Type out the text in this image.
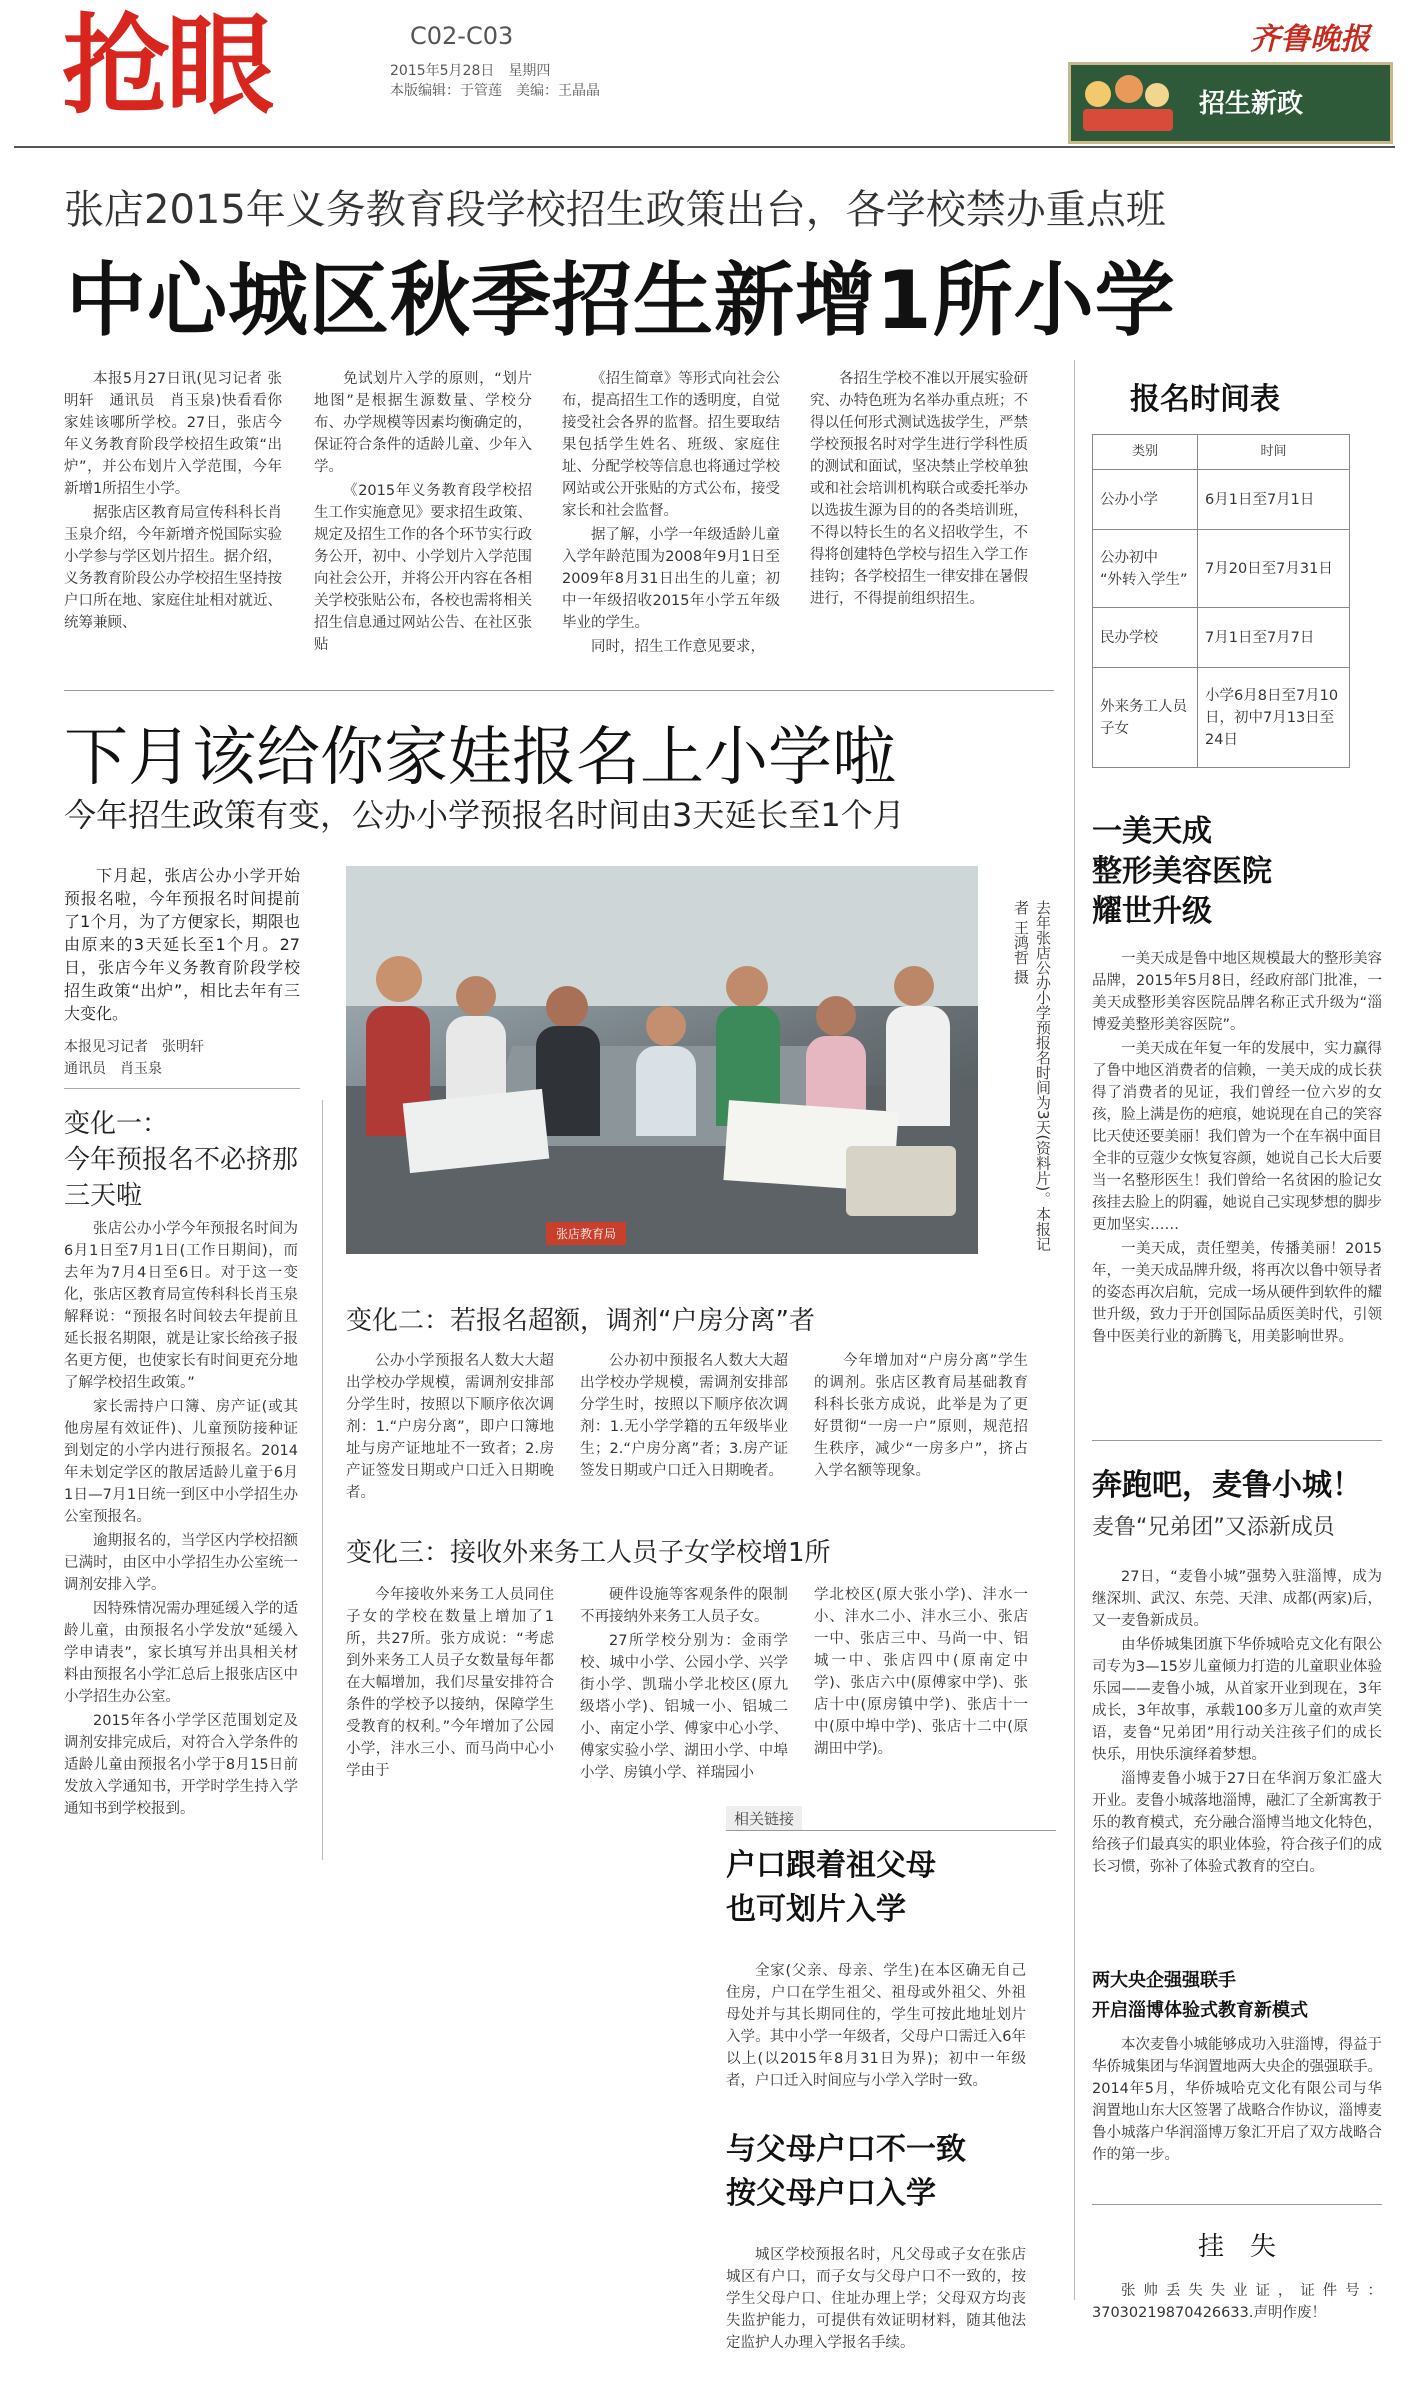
抢眼	C02-C03
2015年5月28日　星期四
本版编辑：于管莲　美编：王晶晶
齐鲁晚报
招生新政
张店2015年义务教育段学校招生政策出台，各学校禁办重点班
中心城区秋季招生新增1所小学

本报5月27日讯(见习记者 张明轩　通讯员　肖玉泉)快看看你家娃该哪所学校。27日，张店今年义务教育阶段学校招生政策“出炉”，并公布划片入学范围，今年新增1所招生小学。

据张店区教育局宣传科科长肖玉泉介绍，今年新增齐悦国际实验小学参与学区划片招生。据介绍，义务教育阶段公办学校招生坚持按户口所在地、家庭住址相对就近、统筹兼顾、

免试划片入学的原则，“划片地图”是根据生源数量、学校分布、办学规模等因素均衡确定的，保证符合条件的适龄儿童、少年入学。

《2015年义务教育段学校招生工作实施意见》要求招生政策、规定及招生工作的各个环节实行政务公开，初中、小学划片入学范围向社会公开，并将公开内容在各相关学校张贴公布，各校也需将相关招生信息通过网站公告、在社区张贴

《招生简章》等形式向社会公布，提高招生工作的透明度，自觉接受社会各界的监督。招生要取结果包括学生姓名、班级、家庭住址、分配学校等信息也将通过学校网站或公开张贴的方式公布，接受家长和社会监督。

据了解，小学一年级适龄儿童入学年龄范围为2008年9月1日至2009年8月31日出生的儿童；初中一年级招收2015年小学五年级毕业的学生。

同时，招生工作意见要求，

各招生学校不准以开展实验研究、办特色班为名举办重点班；不得以任何形式测试选拔学生，严禁学校预报名时对学生进行学科性质的测试和面试，坚决禁止学校单独或和社会培训机构联合或委托举办以选拔生源为目的的各类培训班，不得以特长生的名义招收学生，不得将创建特色学校与招生入学工作挂钩；各学校招生一律安排在暑假进行，不得提前组织招生。

报名时间表
类别	时间
公办小学	6月1日至7月1日
公办初中
“外转入学生”	7月20日至7月31日
民办学校	7月1日至7月7日
外来务工人员子女	小学6月8日至7月10日，初中7月13日至24日
下月该给你家娃报名上小学啦
今年招生政策有变，公办小学预报名时间由3天延长至1个月

下月起，张店公办小学开始预报名啦，今年预报名时间提前了1个月，为了方便家长，期限也由原来的3天延长至1个月。27日，张店今年义务教育阶段学校招生政策“出炉”，相比去年有三大变化。

本报见习记者　张明轩
通讯员　肖玉泉
张店教育局	去年张店公办小学预报名时间为3天(资料片)。本报记者 王鸿哲 摄
变化一：
今年预报名不必挤那三天啦

张店公办小学今年预报名时间为6月1日至7月1日(工作日期间)，而去年为7月4日至6日。对于这一变化，张店区教育局宣传科科长肖玉泉解释说：“预报名时间较去年提前且延长报名期限，就是让家长给孩子报名更方便，也使家长有时间更充分地了解学校招生政策。”

家长需持户口簿、房产证(或其他房屋有效证件)、儿童预防接种证到划定的小学内进行预报名。2014年未划定学区的散居适龄儿童于6月1日—7月1日统一到区中小学招生办公室预报名。

逾期报名的，当学区内学校招额已满时，由区中小学招生办公室统一调剂安排入学。

因特殊情况需办理延缓入学的适龄儿童，由预报名小学发放“延缓入学申请表”，家长填写并出具相关材料由预报名小学汇总后上报张店区中小学招生办公室。

2015年各小学学区范围划定及调剂安排完成后，对符合入学条件的适龄儿童由预报名小学于8月15日前发放入学通知书，开学时学生持入学通知书到学校报到。

变化二：若报名超额，调剂“户房分离”者

公办小学预报名人数大大超出学校办学规模，需调剂安排部分学生时，按照以下顺序依次调剂：1.“户房分离”，即户口簿地址与房产证地址不一致者；2.房产证签发日期或户口迁入日期晚者。

公办初中预报名人数大大超出学校办学规模，需调剂安排部分学生时，按照以下顺序依次调剂：1.无小学学籍的五年级毕业生；2.“户房分离”者；3.房产证签发日期或户口迁入日期晚者。

今年增加对“户房分离”学生的调剂。张店区教育局基础教育科科长张方成说，此举是为了更好贯彻“一房一户”原则，规范招生秩序，减少“一房多户”，挤占入学名额等现象。

变化三：接收外来务工人员子女学校增1所

今年接收外来务工人员同住子女的学校在数量上增加了1所，共27所。张方成说：“考虑到外来务工人员子女数量每年都在大幅增加，我们尽量安排符合条件的学校予以接纳，保障学生受教育的权利。”今年增加了公园小学，沣水三小、而马尚中心小学由于

硬件设施等客观条件的限制不再接纳外来务工人员子女。

27所学校分别为：金雨学校、城中小学、公园小学、兴学街小学、凯瑞小学北校区(原九级塔小学)、铝城一小、铝城二小、南定小学、傅家中心小学、傅家实验小学、湖田小学、中埠小学、房镇小学、祥瑞园小

学北校区(原大张小学)、沣水一小、沣水二小、沣水三小、张店一中、张店三中、马尚一中、铝城一中、张店四中(原南定中学)、张店六中(原傅家中学)、张店十中(原房镇中学)、张店十一中(原中埠中学)、张店十二中(原湖田中学)。

相关链接
户口跟着祖父母
也可划片入学

全家(父亲、母亲、学生)在本区确无自己住房，户口在学生祖父、祖母或外祖父、外祖母处并与其长期同住的，学生可按此地址划片入学。其中小学一年级者，父母户口需迁入6年以上(以2015年8月31日为界)；初中一年级者，户口迁入时间应与小学入学时一致。

与父母户口不一致
按父母户口入学

城区学校预报名时，凡父母或子女在张店城区有户口，而子女与父母户口不一致的，按学生父母户口、住址办理上学；父母双方均丧失监护能力，可提供有效证明材料，随其他法定监护人办理入学报名手续。

一美天成
整形美容医院
耀世升级

一美天成是鲁中地区规模最大的整形美容品牌，2015年5月8日，经政府部门批准，一美天成整形美容医院品牌名称正式升级为“淄博爱美整形美容医院”。

一美天成在年复一年的发展中，实力赢得了鲁中地区消费者的信赖，一美天成的成长获得了消费者的见证，我们曾经一位六岁的女孩，脸上满是伤的疤痕，她说现在自己的笑容比天使还要美丽！我们曾为一个在车祸中面目全非的豆蔻少女恢复容颜，她说自己长大后要当一名整形医生！我们曾给一名贫困的脸记女孩挂去脸上的阴霾，她说自己实现梦想的脚步更加坚实……

一美天成，责任塑美，传播美丽！2015年，一美天成品牌升级，将再次以鲁中领导者的姿态再次启航，完成一场从硬件到软件的耀世升级，致力于开创国际品质医美时代，引领鲁中医美行业的新腾飞，用美影响世界。

奔跑吧，麦鲁小城！
麦鲁“兄弟团”又添新成员

27日，“麦鲁小城”强势入驻淄博，成为继深圳、武汉、东莞、天津、成都(两家)后，又一麦鲁新成员。

由华侨城集团旗下华侨城哈克文化有限公司专为3—15岁儿童倾力打造的儿童职业体验乐园——麦鲁小城，从首家开业到现在，3年成长，3年故事，承载100多万儿童的欢声笑语，麦鲁“兄弟团”用行动关注孩子们的成长快乐，用快乐演绎着梦想。

淄博麦鲁小城于27日在华润万象汇盛大开业。麦鲁小城落地淄博，融汇了全新寓教于乐的教育模式，充分融合淄博当地文化特色，给孩子们最真实的职业体验，符合孩子们的成长习惯，弥补了体验式教育的空白。

两大央企强强联手
开启淄博体验式教育新模式

本次麦鲁小城能够成功入驻淄博，得益于华侨城集团与华润置地两大央企的强强联手。2014年5月，华侨城哈克文化有限公司与华润置地山东大区签署了战略合作协议，淄博麦鲁小城落户华润淄博万象汇开启了双方战略合作的第一步。

挂　失

张帅丢失失业证，证件号：37030219870426633.声明作废！
